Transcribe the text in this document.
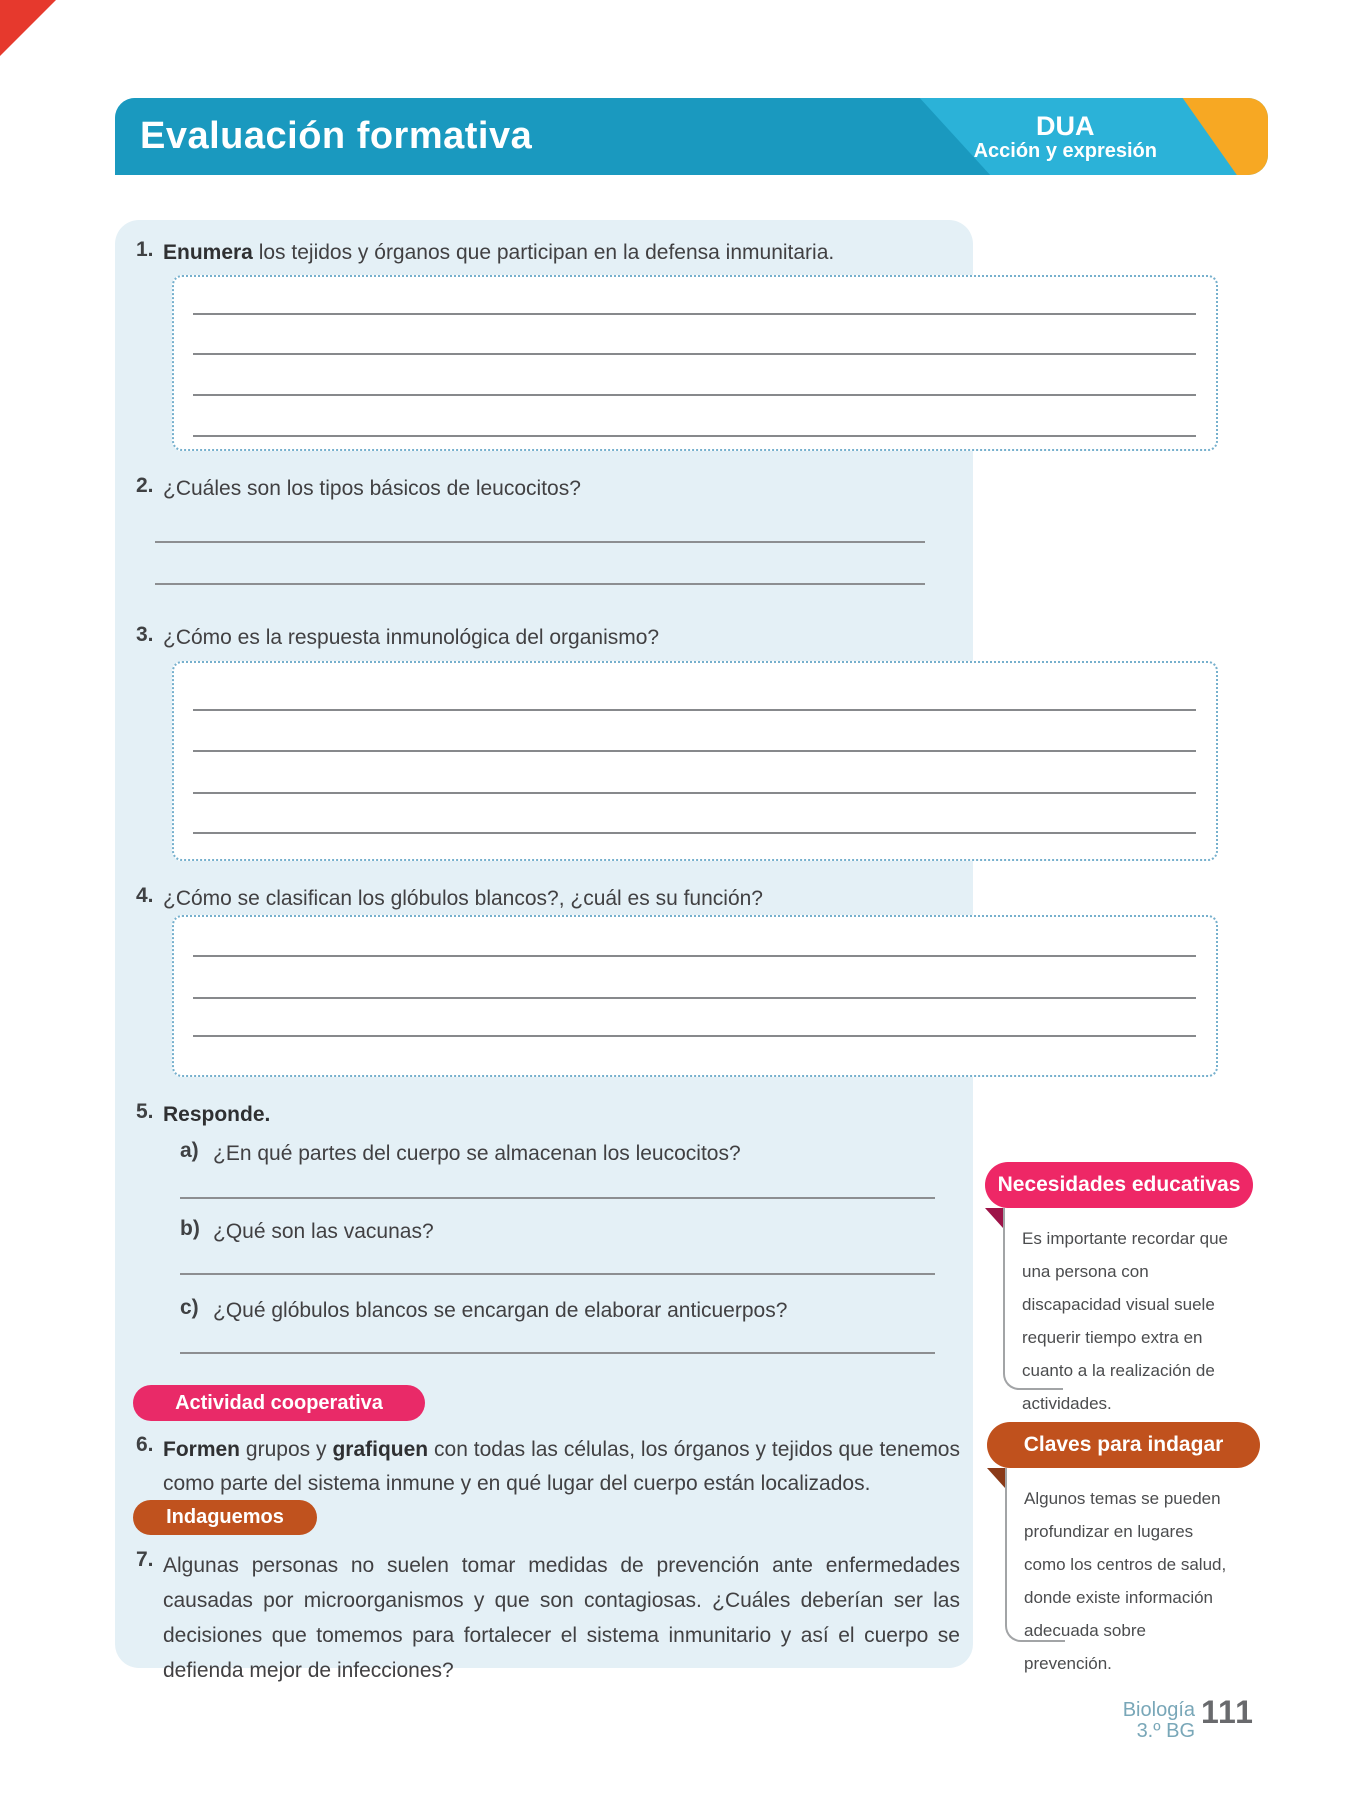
Evaluación formativa	DUA
Acción y expresión
1. Enumera los tejidos y órganos que participan en la defensa inmunitaria.
2. ¿Cuáles son los tipos básicos de leucocitos?
3. ¿Cómo es la respuesta inmunológica del organismo?
4. ¿Cómo se clasifican los glóbulos blancos?, ¿cuál es su función?
5. Responde.
a) ¿En qué partes del cuerpo se almacenan los leucocitos?
b) ¿Qué son las vacunas?
c) ¿Qué glóbulos blancos se encargan de elaborar anticuerpos?
Actividad cooperativa
6. Formen grupos y grafiquen con todas las células, los órganos y tejidos que tenemos como parte del sistema inmune y en qué lugar del cuerpo están localizados.
Indaguemos
7. Algunas personas no suelen tomar medidas de prevención ante enfermedades causadas por microorganismos y que son contagiosas. ¿Cuáles deberían ser las decisiones que tomemos para fortalecer el sistema inmunitario y así el cuerpo se defienda mejor de infecciones?
Necesidades educativas
Es importante recordar que una persona con discapacidad visual suele requerir tiempo extra en cuanto a la realización de actividades.
Claves para indagar
Algunos temas se pueden profundizar en lugares como los centros de salud, donde existe información adecuada sobre prevención.
Biología
3.º BG
111
